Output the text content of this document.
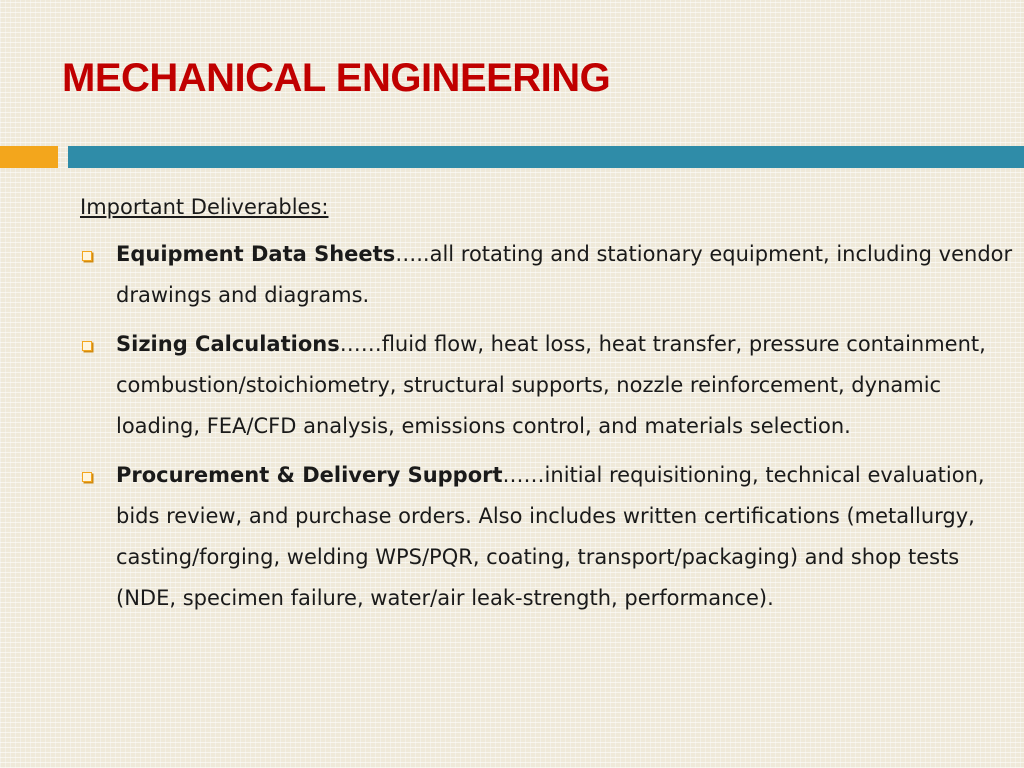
MECHANICAL ENGINEERING

Important Deliverables:

Equipment Data Sheets…..all rotating and stationary equipment, including vendor drawings and diagrams.
Sizing Calculations……fluid flow, heat loss, heat transfer, pressure containment, combustion/stoichiometry, structural supports, nozzle reinforcement, dynamic loading, FEA/CFD analysis, emissions control, and materials selection.
Procurement & Delivery Support……initial requisitioning, technical evaluation, bids review, and purchase orders. Also includes written certifications (metallurgy, casting/forging, welding WPS/PQR, coating, transport/packaging) and shop tests (NDE, specimen failure, water/air leak-strength, performance).
